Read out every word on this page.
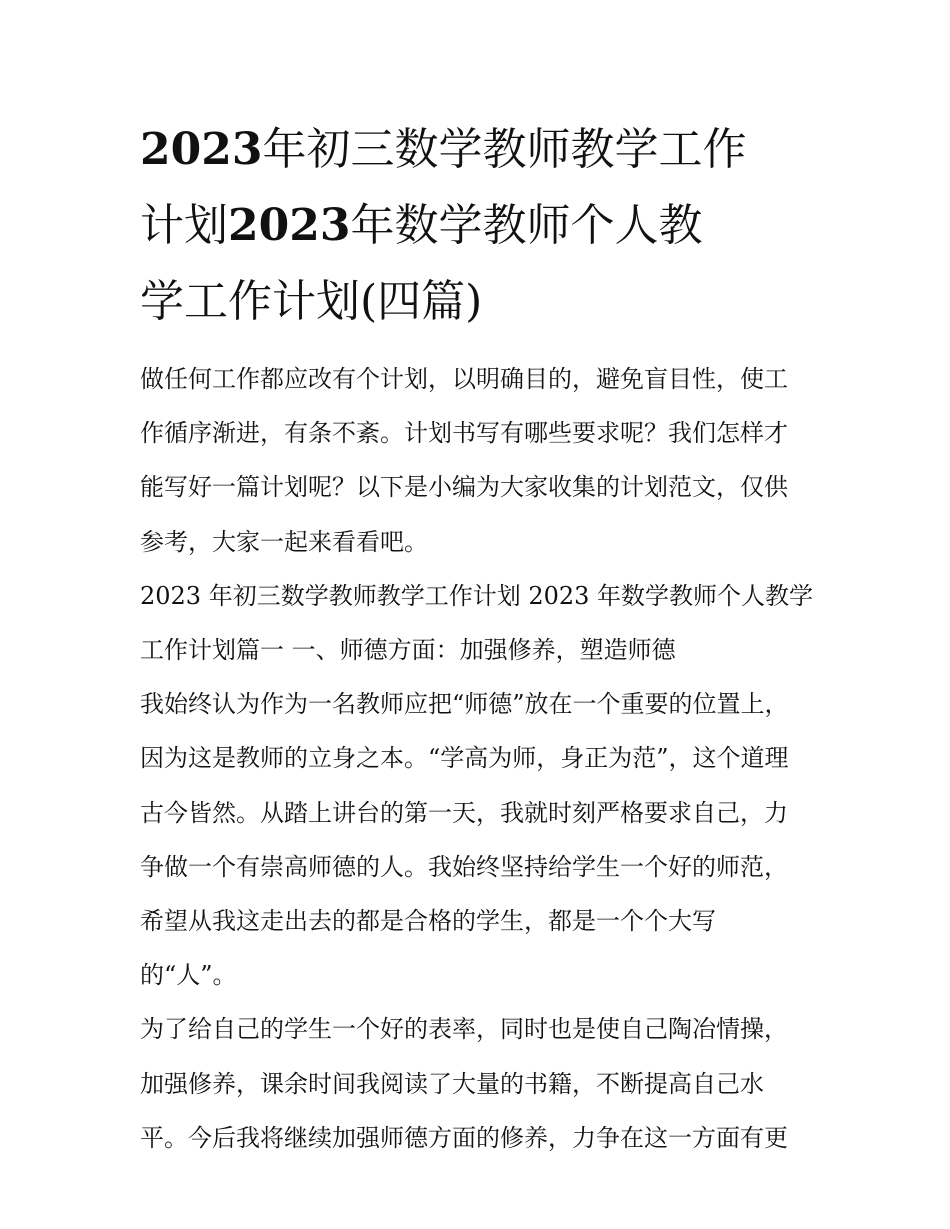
2023年初三数学教师教学工作
计划2023年数学教师个人教
学工作计划(四篇)
做任何工作都应改有个计划，以明确目的，避免盲目性，使工
作循序渐进，有条不紊。计划书写有哪些要求呢？我们怎样才
能写好一篇计划呢？以下是小编为大家收集的计划范文，仅供
参考，大家一起来看看吧。
2023 年初三数学教师教学工作计划 2023 年数学教师个人教学
工作计划篇一 一、师德方面：加强修养，塑造师德
我始终认为作为一名教师应把“师德”放在一个重要的位置上，
因为这是教师的立身之本。“学高为师，身正为范”，这个道理
古今皆然。从踏上讲台的第一天，我就时刻严格要求自己，力
争做一个有崇高师德的人。我始终坚持给学生一个好的师范，
希望从我这走出去的都是合格的学生，都是一个个大写
的“人”。
为了给自己的学生一个好的表率，同时也是使自己陶冶情操，
加强修养，课余时间我阅读了大量的书籍，不断提高自己水
平。今后我将继续加强师德方面的修养，力争在这一方面有更
